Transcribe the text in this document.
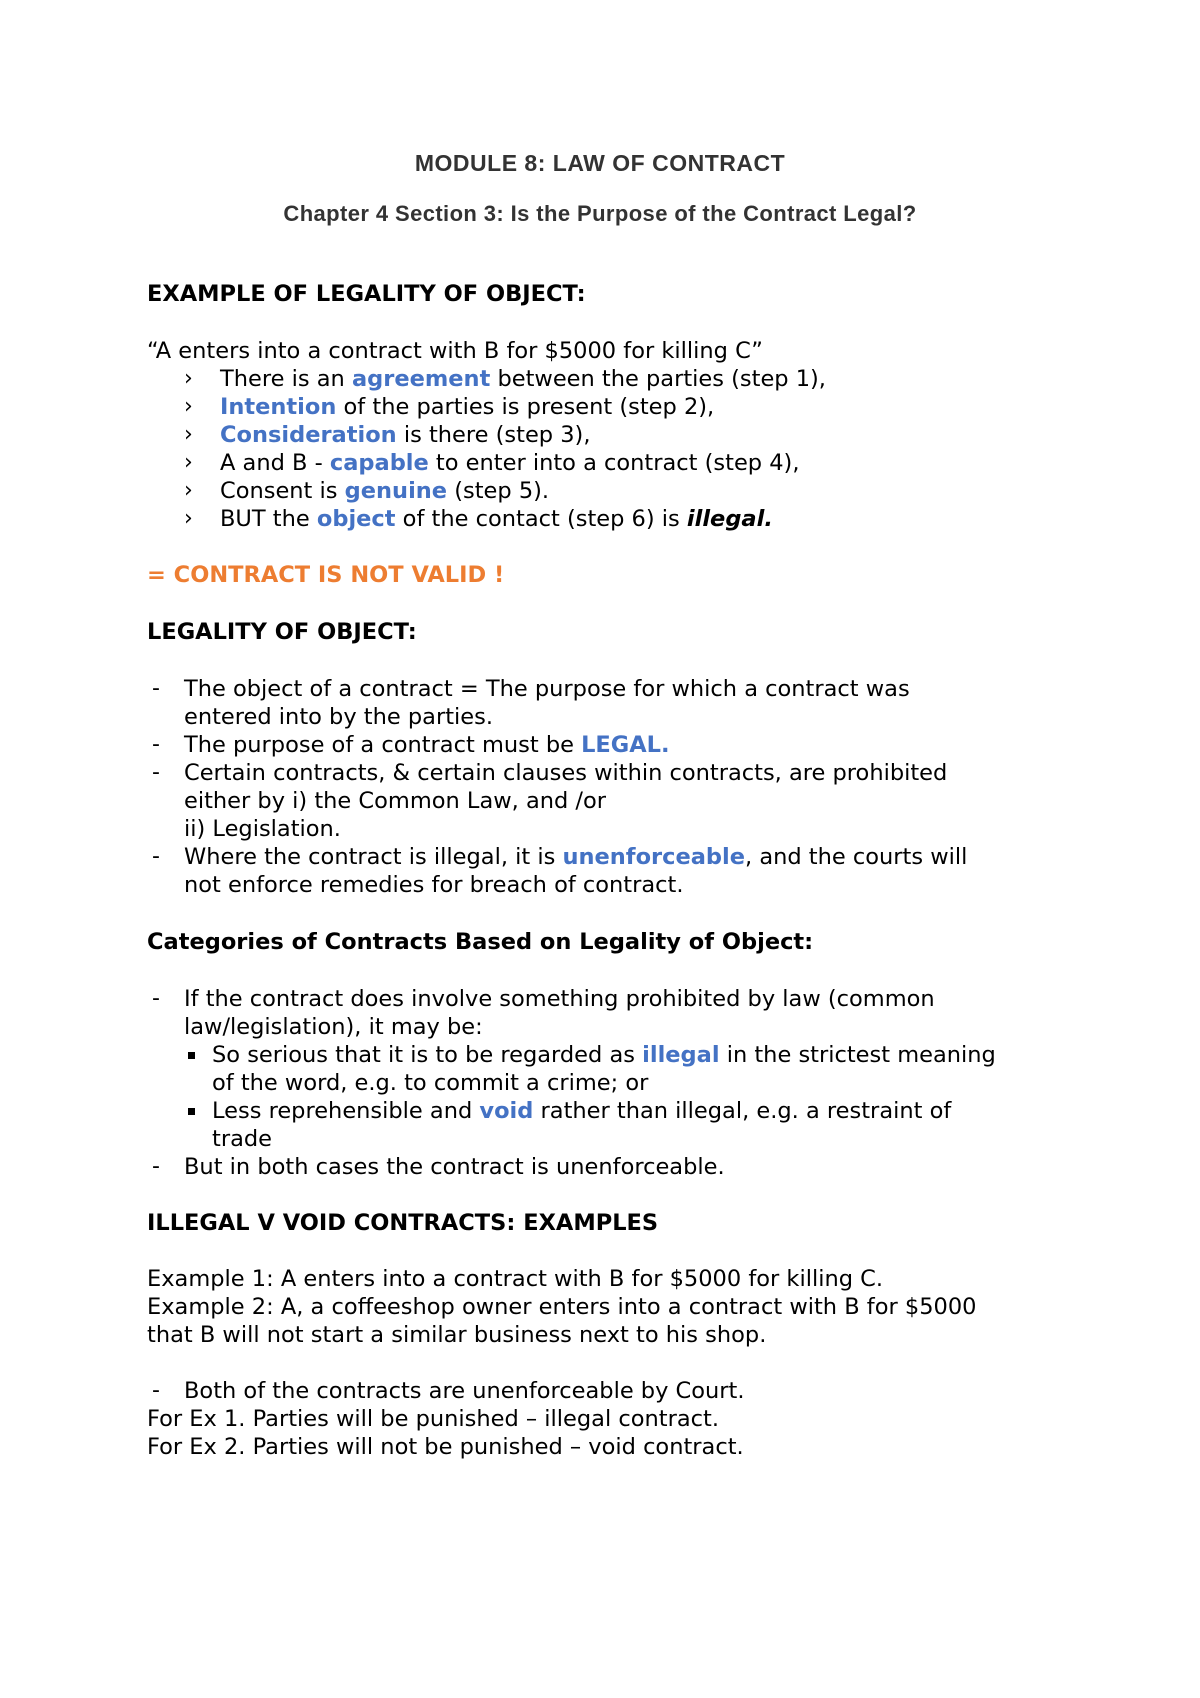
MODULE 8: LAW OF CONTRACT
Chapter 4 Section 3: Is the Purpose of the Contract Legal?
EXAMPLE OF LEGALITY OF OBJECT:
“A enters into a contract with B for $5000 for killing C”
› There is an agreement between the parties (step 1),
› Intention of the parties is present (step 2),
› Consideration is there (step 3),
› A and B - capable to enter into a contract (step 4),
› Consent is genuine (step 5).
› BUT the object of the contact (step 6) is illegal.
= CONTRACT IS NOT VALID !
LEGALITY OF OBJECT:
- The object of a contract = The purpose for which a contract was
entered into by the parties.
- The purpose of a contract must be LEGAL.
- Certain contracts, & certain clauses within contracts, are prohibited
either by i) the Common Law, and /or
ii) Legislation.
- Where the contract is illegal, it is unenforceable, and the courts will
not enforce remedies for breach of contract.
Categories of Contracts Based on Legality of Object:
- If the contract does involve something prohibited by law (common
law/legislation), it may be:
So serious that it is to be regarded as illegal in the strictest meaning
of the word, e.g. to commit a crime; or
Less reprehensible and void rather than illegal, e.g. a restraint of
trade
- But in both cases the contract is unenforceable.
ILLEGAL V VOID CONTRACTS: EXAMPLES
Example 1: A enters into a contract with B for $5000 for killing C.
Example 2: A, a coffeeshop owner enters into a contract with B for $5000
that B will not start a similar business next to his shop.
- Both of the contracts are unenforceable by Court.
For Ex 1. Parties will be punished – illegal contract.
For Ex 2. Parties will not be punished – void contract.
